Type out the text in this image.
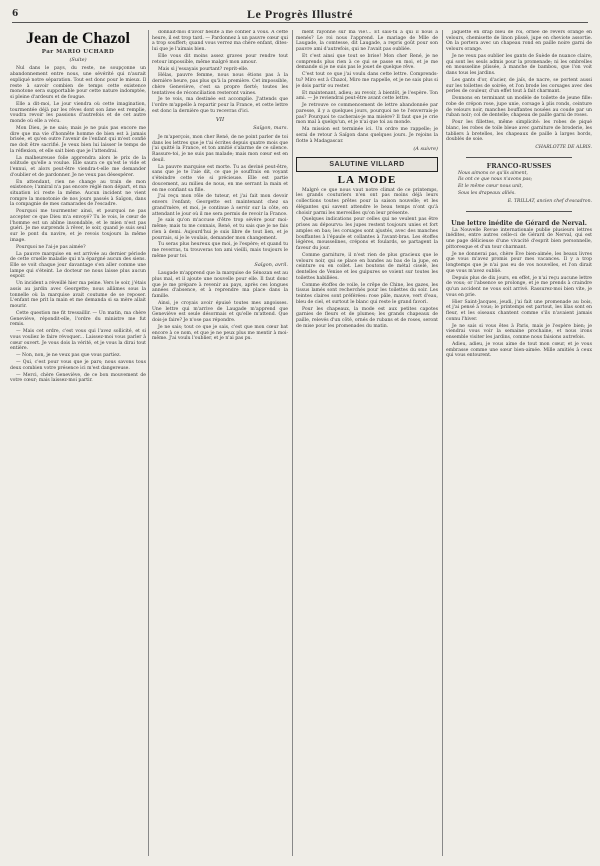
6	Le Progrès Illustré
Jean de Chazol
Par MARIO UCHARD
(Suite)

Nul dans le pays, du reste, ne soupçonne un abandonnement entre nous, une sévérité qui n'aurait expliqué notre séparation. Tout est donc pour le mieux. Il reste à savoir combien de temps cette existence monotone sera supportable pour cette nature indomptée, si pleine d'ardeurs et de fougue.

Elle a dit-moi, Le jour viendra où cette imagination, tourmentée déjà par les rêves dont son âme est remplie, voudra revoir les passions d'autrefois et de cet autre monde où elle a vécu.

Mon Dieu, je ne sais; mais je ne puis pas encore me dire que ma vie d'honnête homme de bien est à jamais brisée, et qu'en outre l'avenir de l'enfant qui m'est confié me doit être sacrifié. Je veux bien lui laisser le temps de la réflexion, et elle sait bien que je l'attendrai.

La malheureuse folie apprendra alors le prix de la solitude qu'elle a voulue. Elle saura ce qu'est le vide et l'ennui, et alors peut-être viendra-t-elle me demander d'oublier et de pardonner. Je ne veux pas désespérer.

En attendant, rien ne change au train de mon existence; l'amiral n'a pas encore réglé mon départ, et ma situation ici reste la même. Aucun incident ne vient rompre la monotonie de nos jours passés à Saïgon, dans la compagnie de mes camarades de l'escadre.

Pourquoi me tourmenter ainsi, et pourquoi ne pas accepter ce que Dieu m'a envoyé? Tu le vois, le cœur de l'homme est un abîme insondable, et le mien n'est pas guéri. Je me surprends à rêver, le soir, quand je suis seul sur le pont du navire, et je revois toujours la même image.

Pourquoi ne l'ai-je pas aimée?

La pauvre marquise en est arrivée au dernier période de cette cruelle maladie qui n'a épargné aucun des siens. Elle se voit chaque jour davantage s'en aller comme une lampe qui s'éteint. Le docteur ne nous laisse plus aucun espoir.

Un incident a réveillé hier ma peine. Vers le soir, j'étais assis au jardin avec Georgette; nous allâmes sous la tonnelle où la marquise avait coutume de se reposer. L'enfant me prit la main et me demanda si sa mère allait mourir.

Cette question me fit tressaillir. — Un matin, ma chère Geneviève, répondit-elle, l'ordre du ministre me fut remis.

— Mais cet ordre, c'est vous qui l'avez sollicité, et si vous vouliez le faire révoquer... Laissez-moi vous parler à cœur ouvert. Je vous dois la vérité, et je vous la dirai tout entière.

— Non, non, je ne veux pas que vous partiez.

— Qui, c'est pour vous que je pars; nous savons tous deux combien votre présence ici m'est dangereuse.

— Merci, chère Geneviève, de ce bon mouvement de votre cœur; mais laissez-moi partir.

donnait-moi d'avoir hésité à me confier à vous. A cette heure, il est trop tard. — Pardonnez à un pauvre cœur qui a trop souffert; quand vous verrez ma chère enfant, dites-lui que je l'aimais bien.

Elle vous dit moins assez graves pour rendre tout retour impossible, même malgré mon amour.

Mais si j'essayais pourtant? reprit-elle.

Hélas, pauvre femme, nous nous étions pas à la dernière heure, pas plus qu'à la première. Cet impossible, chère Geneviève, c'est sa propre fierté; toutes les tentatives de réconciliation resteront vaines.

Je te vois, ma destinée est accomplie. J'attends que l'ordre m'appelle à repartir pour la France, et cette lettre est donc la dernière que tu recevras d'ici.

VII
Saïgon, mars.

Je m'aperçois, mon cher René, de ne point parler de toi dans les lettres que je t'ai écrites depuis quatre mois que j'ai quitté la France, et ton amitié s'alarme de ce silence. Rassure-toi, je ne suis pas malade; mais mon cœur est en deuil.

La pauvre marquise est morte. Tu as deviné peut-être, sans que je te l'aie dit, ce que je souffrais en voyant s'éteindre cette vie si précieuse. Elle est partie doucement, au milieu de nous, en me serrant la main et en me confiant sa fille.

J'ai reçu mon rôle de tuteur, et j'ai fait mon devoir envers l'enfant; Georgette est maintenant chez sa grand'mère, et moi, je continue à servir sur la côte, en attendant le jour où il me sera permis de revoir la France.

Je sais qu'on m'accuse d'être trop sévère pour moi-même; mais tu me connais, René, et tu sais que je ne fais rien à demi. Aujourd'hui je suis libre de tout lien, et je pourrais, si je le voulais, demander mon changement.

Tu seras plus heureux que moi, je l'espère; et quand tu me reverras, tu trouveras ton ami vieilli, mais toujours le même pour toi.

Saïgon, avril.

Laugade m'apprend que la marquise de Sénozan est au plus mal, et il ajoute une nouvelle pour elle. Il faut donc que je me prépare à revenir au pays, après ces longues années d'absence, et à reprendre ma place dans la famille.

Ainsi, je croyais avoir épuisé toutes mes angoisses. Une lettre qui m'arrive de Laugade m'apprend que Geneviève est seule désormais et qu'elle m'attend. Que dois-je faire? Je n'ose pas répondre.

Je ne sais; tout ce que je sais, c'est que mon cœur bat encore à ce nom, et que je ne peux plus me mentir à moi-même. J'ai voulu l'oublier, et je n'ai pas pu.

ment rayonné sur ma vie!... Et sais-tu à qui il nous a menés? Le roi nous l'apprend. Le mariage de Mlle de Laugade, la comtesse, dit Laugade, a repris goût pour son pauvre ami d'autrefois, qui ne l'avait pas oubliée.

Et c'est ainsi que tout se brise! Mon cher René, je ne comprends plus rien à ce qui se passe en moi, et je me demande si je ne suis pas le jouet de quelque rêve.

C'est tout ce que j'ai voulu dans cette lettre. Comprends-tu? Miro est à Chazol, Miro me rappelle, et je ne sais plus si je dois partir ou rester.

Et maintenant, adieu; au revoir, à bientôt, je l'espère. Ton ami. — Je reviendrai peut-être avant cette lettre.

Je retrouve ce commencement de lettre abandonnée par paresse, il y a quelques jours, pourquoi ne te l'enverrais-je pas? Pourquoi te cacherais-je ma misère? Il faut que je crie mon mal à quelqu'un, et je n'ai que toi au monde.

Ma mission est terminée ici. Un ordre me rappelle; je serai de retour à Saïgon dans quelques jours. Je rejoins la flotte à Madagascar.

(A suivre)
SALUTINE VILLARD
LA MODE

Malgré ce que nous vaut notre climat de ce printemps, les grands couturiers n'en ont pas moins déjà leurs collections toutes prêtes pour la saison nouvelle; et les élégantes qui savent attendre le beau temps n'ont qu'à choisir parmi les merveilles qu'on leur présente.

Quelques indications pour celles qui ne veulent pas être prises au dépourvu: les jupes restent toujours unies et fort amples en bas; les corsages sont ajustés, avec des manches bouffantes à l'épaule et collantes à l'avant-bras. Les étoffes légères, mousselines, crépons et foulards, se partagent la faveur du jour.

Comme garniture, il n'est rien de plus gracieux que le velours noir, qui se place en bandes au bas de la jupe, en ceinture ou en collet. Les boutons de métal ciselé, les dentelles de Venise et les guipures se voient sur toutes les toilettes habillées.

Comme étoffes de voile, le crêpe de Chine, les gazes, les tissus lamés sont recherchés pour les toilettes du soir. Les teintes claires sont préférées: rose pâle, mauve, vert d'eau, bleu de ciel, et surtout le blanc qui reste le grand favori.

Pour les chapeaux, la mode est aux petites capotes garnies de fleurs et de plumes; les grands chapeaux de paille, relevés d'un côté, ornés de rubans et de roses, seront de mise pour les promenades du matin.

jaquette en drap bleu de roi, ornée de revers orange en velours, chemisette de linon plissé, jupe en cheviote assortie. On la portera avec un chapeau rond en paille noire garni de velours orange.

Je ne veux pas oublier les gants de Suède de nuance claire, qui sont les seuls admis pour la promenade; ni les ombrelles en mousseline plissée, à manche de bambou, que l'on voit dans tous les jardins.

Les gants d'or, d'acier, de jaïs, de nacre, se portent aussi sur les toilettes de soirée, et l'on brode les corsages avec des perles de couleur, d'un effet tout à fait charmant.

Donnons en terminant un modèle de toilette de jeune fille: robe de crépon rose, jupe unie, corsage à plis ronds, ceinture de velours noir, manches bouffantes nouées au coude par un ruban noir; col de dentelle; chapeau de paille garni de roses.

Pour les fillettes, même simplicité: les robes de piqué blanc, les robes de toile bleue avec garniture de broderie, les tabliers à bretelles, les chapeaux de paille à larges bords, doublés de soie.

CHARLOTTE DE ALBIS.
FRANCO-RUSSES

Nous aimons ce qu'ils aiment,

Ils ont ce que nous n'avons pas;

Et le même cœur nous unit,

Sous les drapeaux alliés.

E. TRILLAT, ancien chef d'escadron.
Une lettre inédite de Gérard de Nerval.

La Nouvelle Revue internationale publie plusieurs lettres inédites, entre autres celle-ci de Gérard de Nerval, qui est une page délicieuse d'une vivacité d'esprit bien personnelle, pittoresque et d'un tour charmant.

Je ne donnerai pas, chère Ève bien-aimée, les beaux livres que vous m'avez promis pour mes vacances. Il y a trop longtemps que je n'ai pas eu de vos nouvelles, et l'on dirait que vous m'avez oublié.

Depuis plus de dix jours, en effet, je n'ai reçu aucune lettre de vous; or l'absence se prolonge, et je me prends à craindre qu'un accident ne vous soit arrivé. Rassurez-moi bien vite, je vous en prie.

Hier Saint-Jacques, jeudi, j'ai fait une promenade au bois, et j'ai pensé à vous; le printemps est partout, les lilas sont en fleur, et les oiseaux chantent comme s'ils n'avaient jamais connu l'hiver.

Je ne sais si vous êtes à Paris, mais je l'espère bien; je viendrai vous voir la semaine prochaine, et nous irons ensemble visiter les jardins, comme nous faisions autrefois.

Adieu, adieu, je vous aime de tout mon cœur, et je vous embrasse comme une sœur bien-aimée. Mille amitiés à ceux qui vous entourent.
